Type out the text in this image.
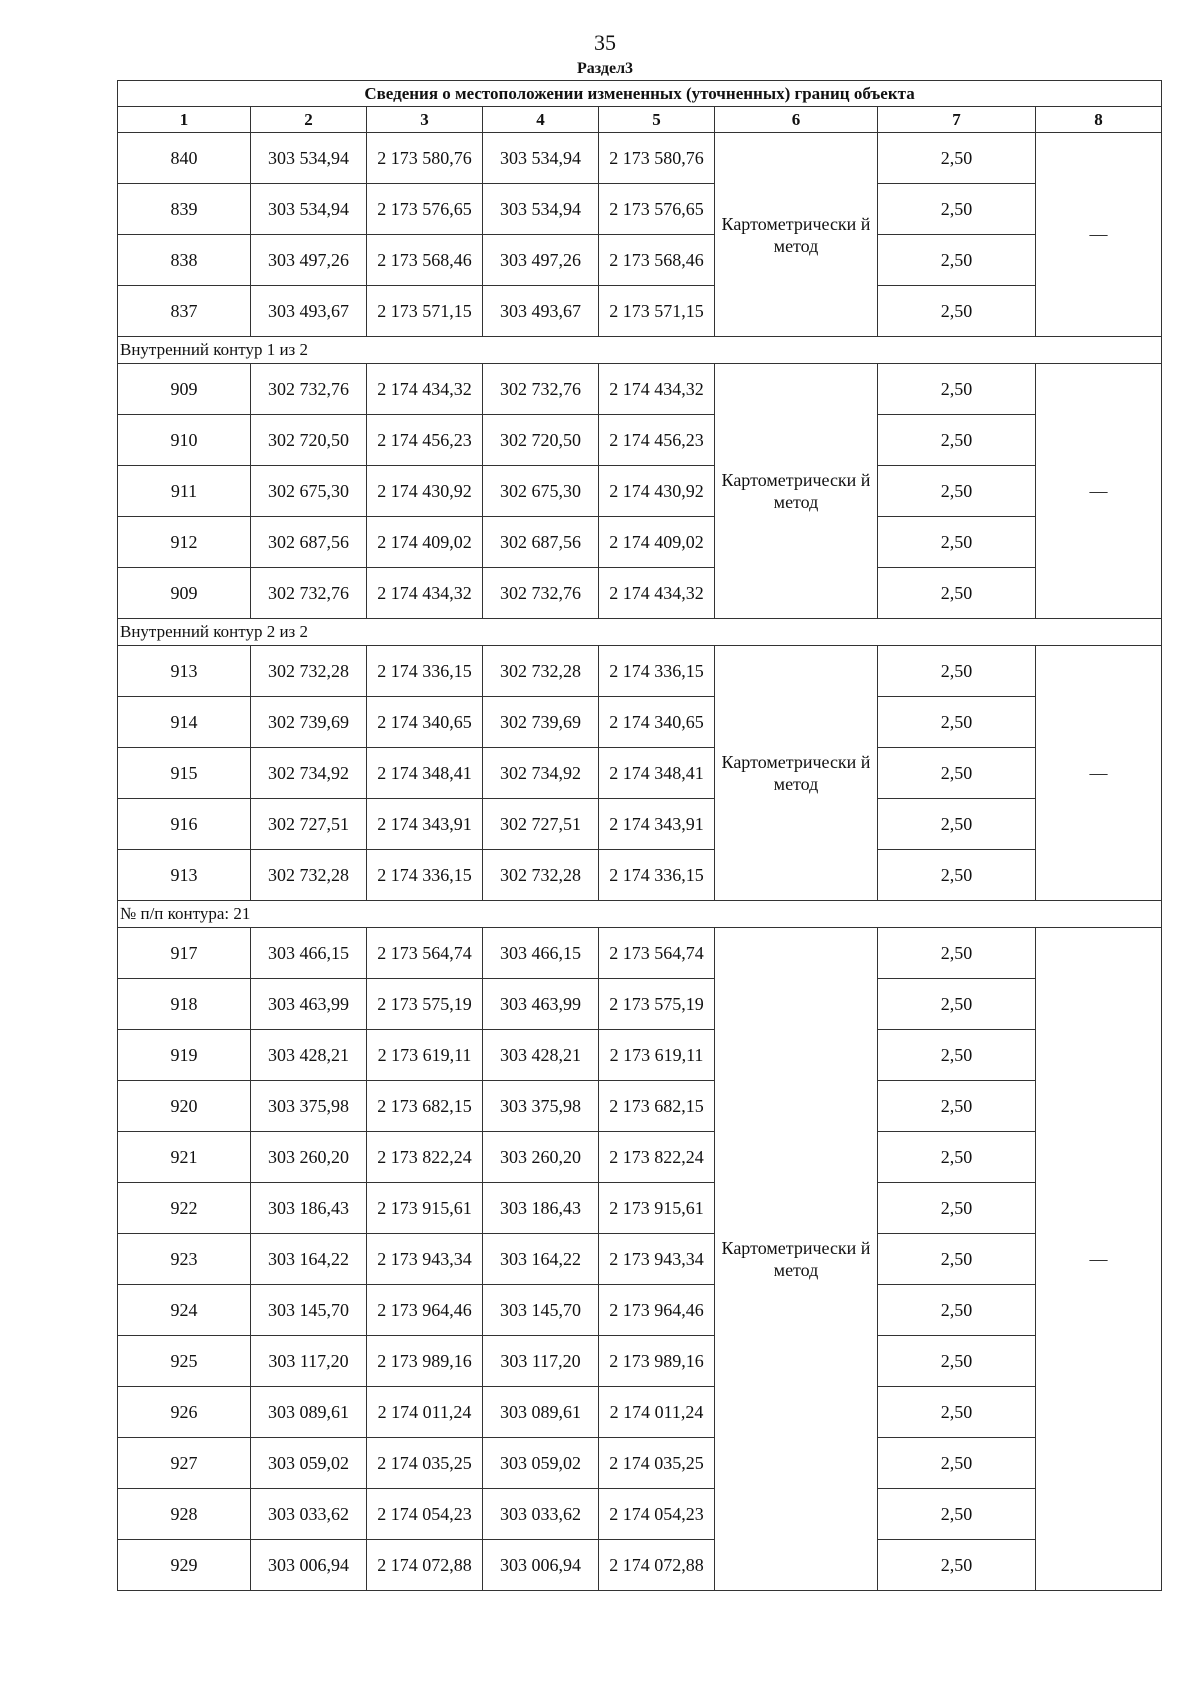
35
Раздел3
Сведения о местоположении измененных (уточненных) границ объекта							
1	2	3	4	5	6	7	8
840	303 534,94	2 173 580,76	303 534,94	2 173 580,76	Картометрически й метод	2,50	—
839	303 534,94	2 173 576,65	303 534,94	2 173 576,65		2,50	
838	303 497,26	2 173 568,46	303 497,26	2 173 568,46		2,50	
837	303 493,67	2 173 571,15	303 493,67	2 173 571,15		2,50	
Внутренний контур 1 из 2							
909	302 732,76	2 174 434,32	302 732,76	2 174 434,32	Картометрически й метод	2,50	—
910	302 720,50	2 174 456,23	302 720,50	2 174 456,23		2,50	
911	302 675,30	2 174 430,92	302 675,30	2 174 430,92		2,50	
912	302 687,56	2 174 409,02	302 687,56	2 174 409,02		2,50	
909	302 732,76	2 174 434,32	302 732,76	2 174 434,32		2,50	
Внутренний контур 2 из 2							
913	302 732,28	2 174 336,15	302 732,28	2 174 336,15	Картометрически й метод	2,50	—
914	302 739,69	2 174 340,65	302 739,69	2 174 340,65		2,50	
915	302 734,92	2 174 348,41	302 734,92	2 174 348,41		2,50	
916	302 727,51	2 174 343,91	302 727,51	2 174 343,91		2,50	
913	302 732,28	2 174 336,15	302 732,28	2 174 336,15		2,50	
№ п/п контура: 21							
917	303 466,15	2 173 564,74	303 466,15	2 173 564,74	Картометрически й метод	2,50	—
918	303 463,99	2 173 575,19	303 463,99	2 173 575,19		2,50	
919	303 428,21	2 173 619,11	303 428,21	2 173 619,11		2,50	
920	303 375,98	2 173 682,15	303 375,98	2 173 682,15		2,50	
921	303 260,20	2 173 822,24	303 260,20	2 173 822,24		2,50	
922	303 186,43	2 173 915,61	303 186,43	2 173 915,61		2,50	
923	303 164,22	2 173 943,34	303 164,22	2 173 943,34		2,50	
924	303 145,70	2 173 964,46	303 145,70	2 173 964,46		2,50	
925	303 117,20	2 173 989,16	303 117,20	2 173 989,16		2,50	
926	303 089,61	2 174 011,24	303 089,61	2 174 011,24		2,50	
927	303 059,02	2 174 035,25	303 059,02	2 174 035,25		2,50	
928	303 033,62	2 174 054,23	303 033,62	2 174 054,23		2,50	
929	303 006,94	2 174 072,88	303 006,94	2 174 072,88		2,50	
